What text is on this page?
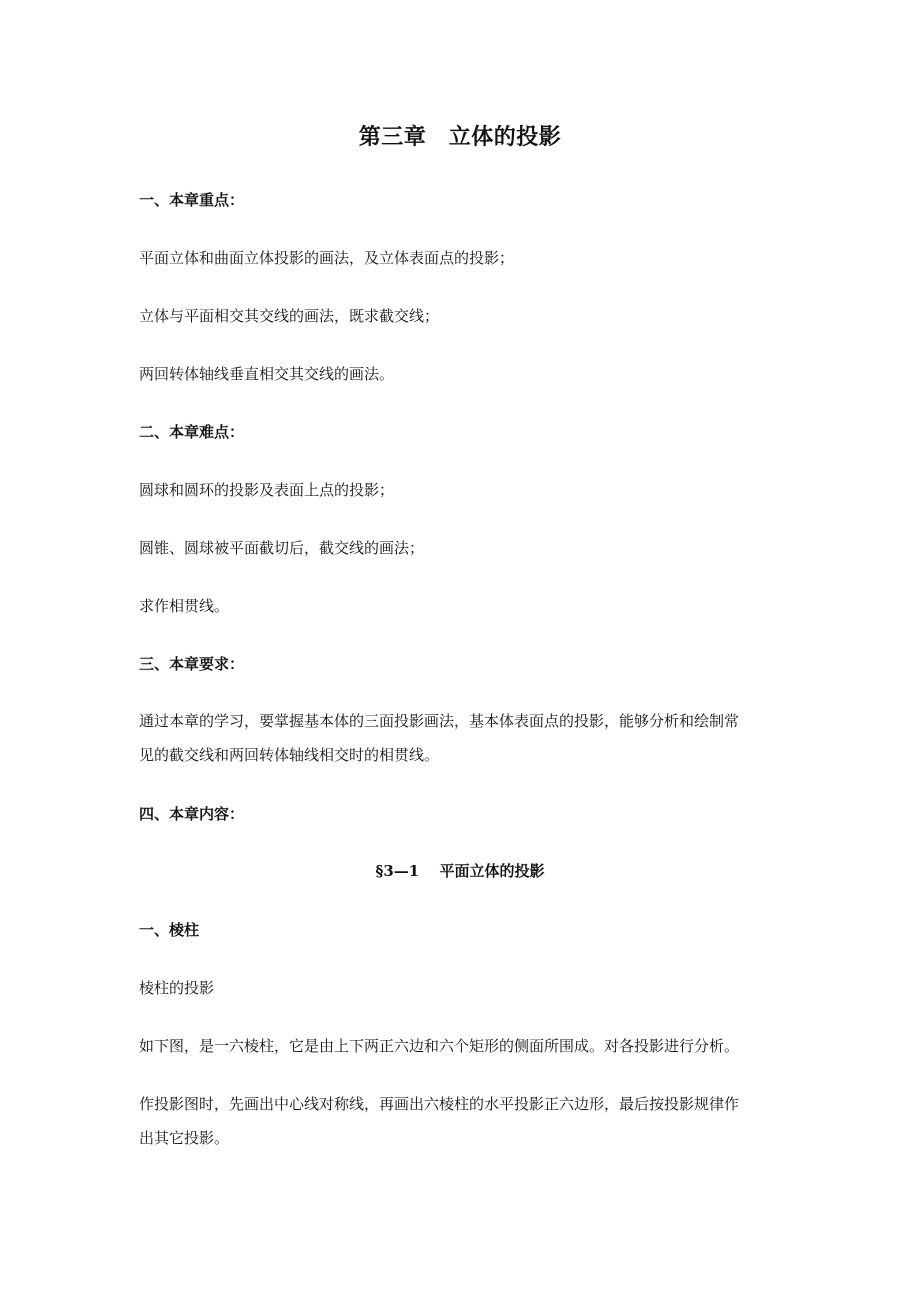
第三章　立体的投影
一、本章重点：
平面立体和曲面立体投影的画法，及立体表面点的投影；
立体与平面相交其交线的画法，既求截交线；
两回转体轴线垂直相交其交线的画法。
二、本章难点：
圆球和圆环的投影及表面上点的投影；
圆锥、圆球被平面截切后，截交线的画法；
求作相贯线。
三、本章要求：
通过本章的学习，要掌握基本体的三面投影画法，基本体表面点的投影，能够分析和绘制常
见的截交线和两回转体轴线相交时的相贯线。
四、本章内容：
§3—1　 平面立体的投影
一、棱柱
棱柱的投影
如下图，是一六棱柱，它是由上下两正六边和六个矩形的侧面所围成。对各投影进行分析。
作投影图时，先画出中心线对称线，再画出六棱柱的水平投影正六边形，最后按投影规律作
出其它投影。
